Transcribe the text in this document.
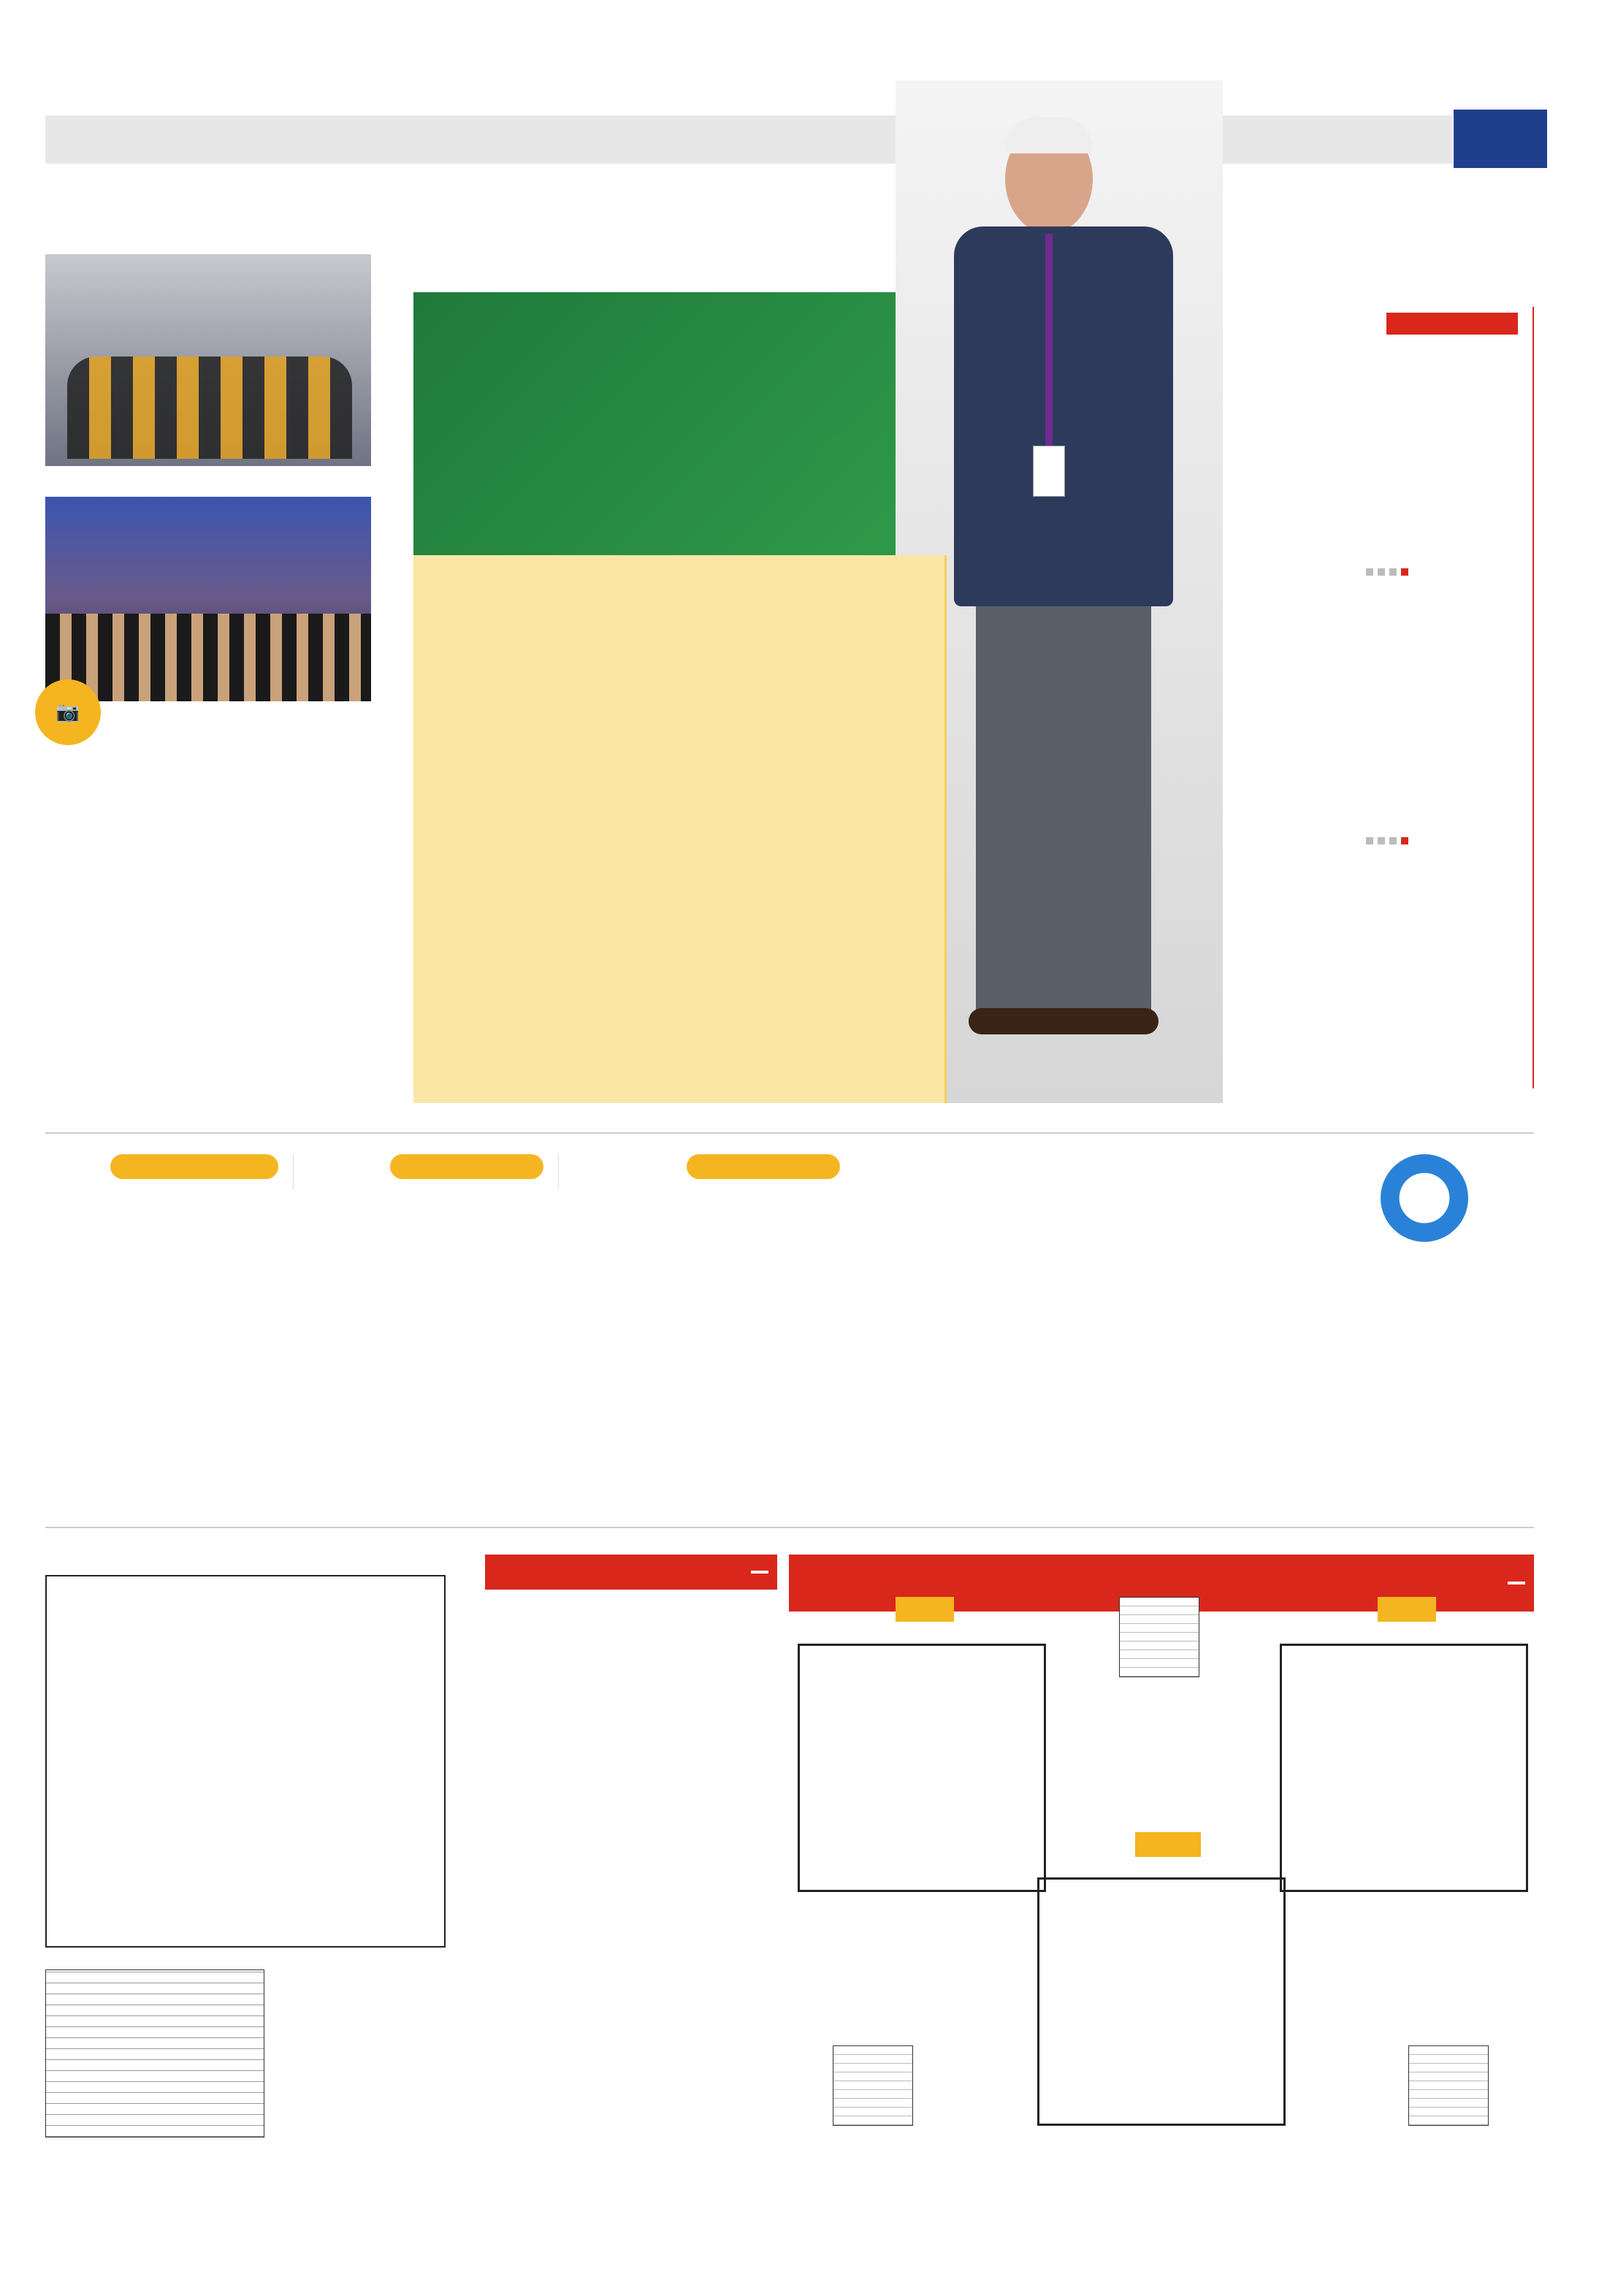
📷
